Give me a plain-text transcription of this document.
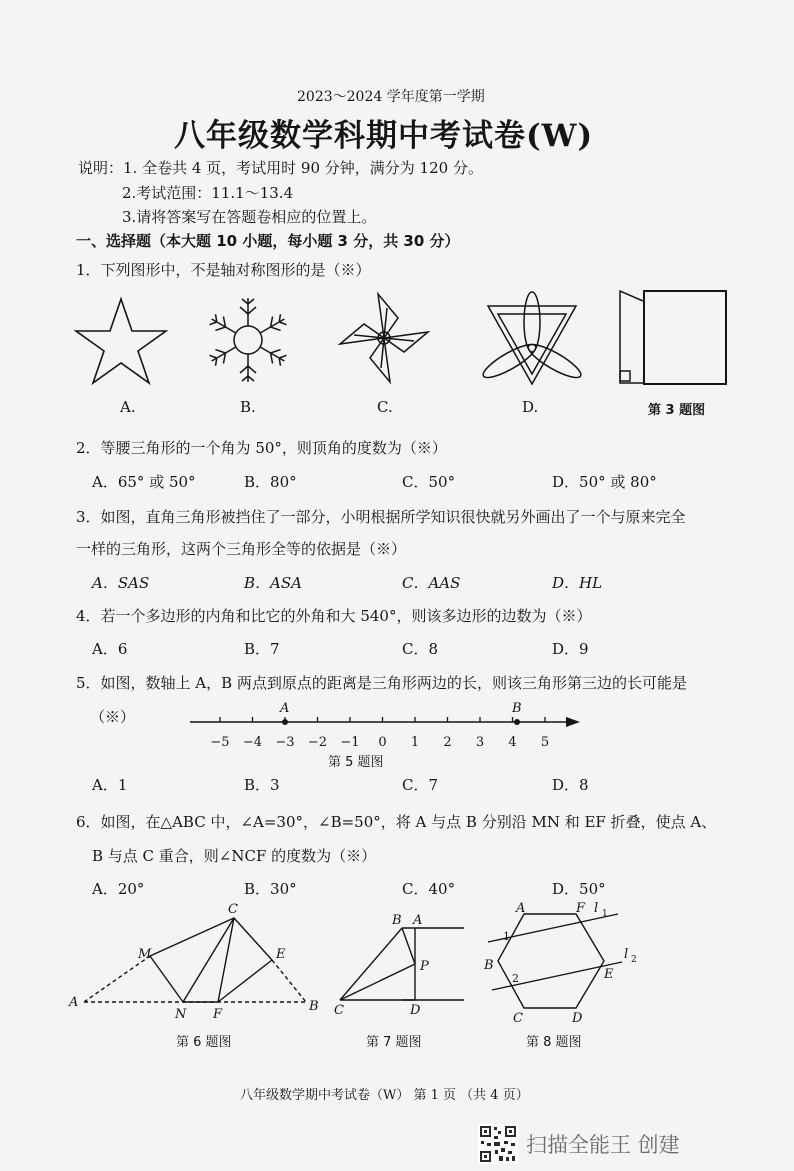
2023～2024 学年度第一学期
八年级数学科期中考试卷(W)
说明：1. 全卷共 4 页，考试用时 90 分钟，满分为 120 分。
2.考试范围：11.1～13.4
3.请将答案写在答题卷相应的位置上。
一、选择题（本大题 10 小题，每小题 3 分，共 30 分）
1．下列图形中，不是轴对称图形的是（※）
A.	B.	C.	D.	第 3 题图
2．等腰三角形的一个角为 50°，则顶角的度数为（※）
A．65° 或 50°	B．80°	C．50°	D．50° 或 80°
3．如图，直角三角形被挡住了一部分，小明根据所学知识很快就另外画出了一个与原来完全
一样的三角形，这两个三角形全等的依据是（※）
A．SAS	B．ASA	C．AAS	D．HL
4．若一个多边形的内角和比它的外角和大 540°，则该多边形的边数为（※）
A．6	B．7	C．8	D．9
5．如图，数轴上 A，B 两点到原点的距离是三角形两边的长，则该三角形第三边的长可能是
（※）
−5 −4 −3 −2 −1 0 1 2 3 4 5
A	B
第 5 题图
A．1	B．3	C．7	D．8
6．如图，在△ABC 中，∠A=30°，∠B=50°，将 A 与点 B 分别沿 MN 和 EF 折叠，使点 A、
B 与点 C 重合，则∠NCF 的度数为（※）
A．20°	B．30°	C．40°	D．50°
C
M	E
A
N F
B
第 6 题图
B A
P
C	D
第 7 题图
A	F l 1
1
B
l 2
2	E
C	D
第 8 题图
八年级数学期中考试卷（W） 第 1 页 （共 4 页）
扫描全能王 创建
